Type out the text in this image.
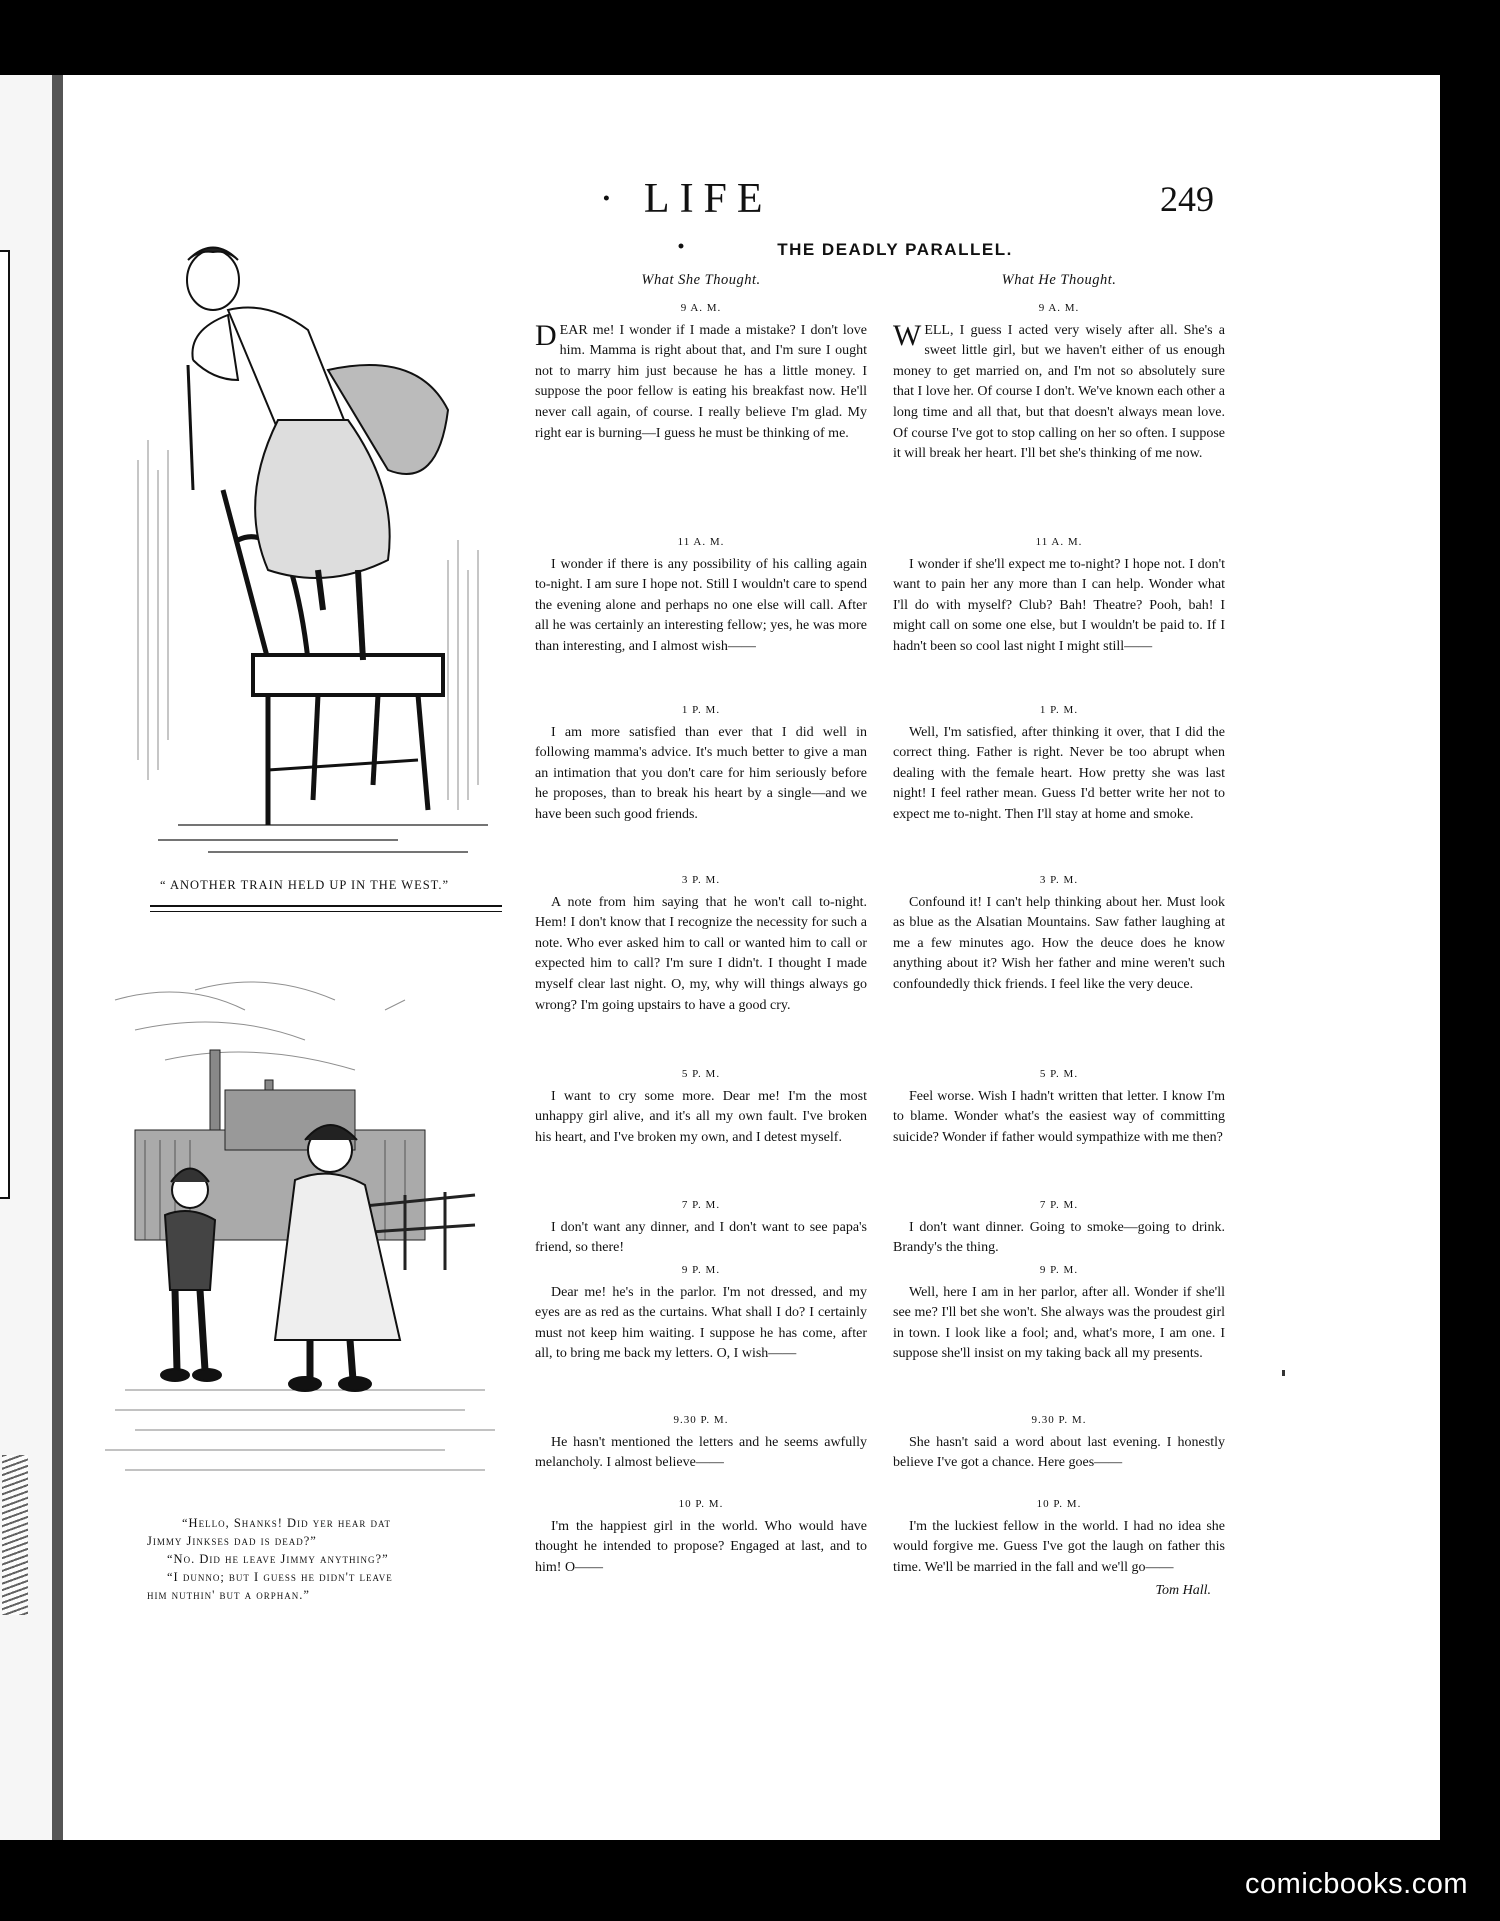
· LIFE ·
249
THE DEADLY PARALLEL.
“ ANOTHER TRAIN HELD UP IN THE WEST.”
“Hello, Shanks! Did yer hear dat
Jimmy Jinkses dad is dead?”
“No. Did he leave Jimmy anything?”
“I dunno; but I guess he didn't leave
him nuthin' but a orphan.”
What She Thought.
9 A. M.

DEAR me! I wonder if I made a mistake? I don't love him. Mamma is right about that, and I'm sure I ought not to marry him just because he has a little money. I suppose the poor fellow is eating his breakfast now. He'll never call again, of course. I really believe I'm glad. My right ear is burning—I guess he must be thinking of me.

11 A. M.

I wonder if there is any possibility of his calling again to-night. I am sure I hope not. Still I wouldn't care to spend the evening alone and perhaps no one else will call. After all he was certainly an interesting fellow; yes, he was more than interesting, and I almost wish——

1 P. M.

I am more satisfied than ever that I did well in following mamma's advice. It's much better to give a man an intimation that you don't care for him seriously before he proposes, than to break his heart by a single—and we have been such good friends.

3 P. M.

A note from him saying that he won't call to-night. Hem! I don't know that I recognize the necessity for such a note. Who ever asked him to call or wanted him to call or expected him to call? I'm sure I didn't. I thought I made myself clear last night. O, my, why will things always go wrong? I'm going upstairs to have a good cry.

5 P. M.

I want to cry some more. Dear me! I'm the most unhappy girl alive, and it's all my own fault. I've broken his heart, and I've broken my own, and I detest myself.

7 P. M.

I don't want any dinner, and I don't want to see papa's friend, so there!

9 P. M.

Dear me! he's in the parlor. I'm not dressed, and my eyes are as red as the curtains. What shall I do? I certainly must not keep him waiting. I suppose he has come, after all, to bring me back my letters. O, I wish——

9.30 P. M.

He hasn't mentioned the letters and he seems awfully melancholy. I almost believe——

10 P. M.

I'm the happiest girl in the world. Who would have thought he intended to propose? Engaged at last, and to him! O——

What He Thought.
9 A. M.

WELL, I guess I acted very wisely after all. She's a sweet little girl, but we haven't either of us enough money to get married on, and I'm not so absolutely sure that I love her. Of course I don't. We've known each other a long time and all that, but that doesn't always mean love. Of course I've got to stop calling on her so often. I suppose it will break her heart. I'll bet she's thinking of me now.

11 A. M.

I wonder if she'll expect me to-night? I hope not. I don't want to pain her any more than I can help. Wonder what I'll do with myself? Club? Bah! Theatre? Pooh, bah! I might call on some one else, but I wouldn't be paid to. If I hadn't been so cool last night I might still——

1 P. M.

Well, I'm satisfied, after thinking it over, that I did the correct thing. Father is right. Never be too abrupt when dealing with the female heart. How pretty she was last night! I feel rather mean. Guess I'd better write her not to expect me to-night. Then I'll stay at home and smoke.

3 P. M.

Confound it! I can't help thinking about her. Must look as blue as the Alsatian Mountains. Saw father laughing at me a few minutes ago. How the deuce does he know anything about it? Wish her father and mine weren't such confoundedly thick friends. I feel like the very deuce.

5 P. M.

Feel worse. Wish I hadn't written that letter. I know I'm to blame. Wonder what's the easiest way of committing suicide? Wonder if father would sympathize with me then?

7 P. M.

I don't want dinner. Going to smoke—going to drink. Brandy's the thing.

9 P. M.

Well, here I am in her parlor, after all. Wonder if she'll see me? I'll bet she won't. She always was the proudest girl in town. I look like a fool; and, what's more, I am one. I suppose she'll insist on my taking back all my presents.

9.30 P. M.

She hasn't said a word about last evening. I honestly believe I've got a chance. Here goes——

10 P. M.

I'm the luckiest fellow in the world. I had no idea she would forgive me. Guess I've got the laugh on father this time. We'll be married in the fall and we'll go——

Tom Hall.
comicbooks.com
